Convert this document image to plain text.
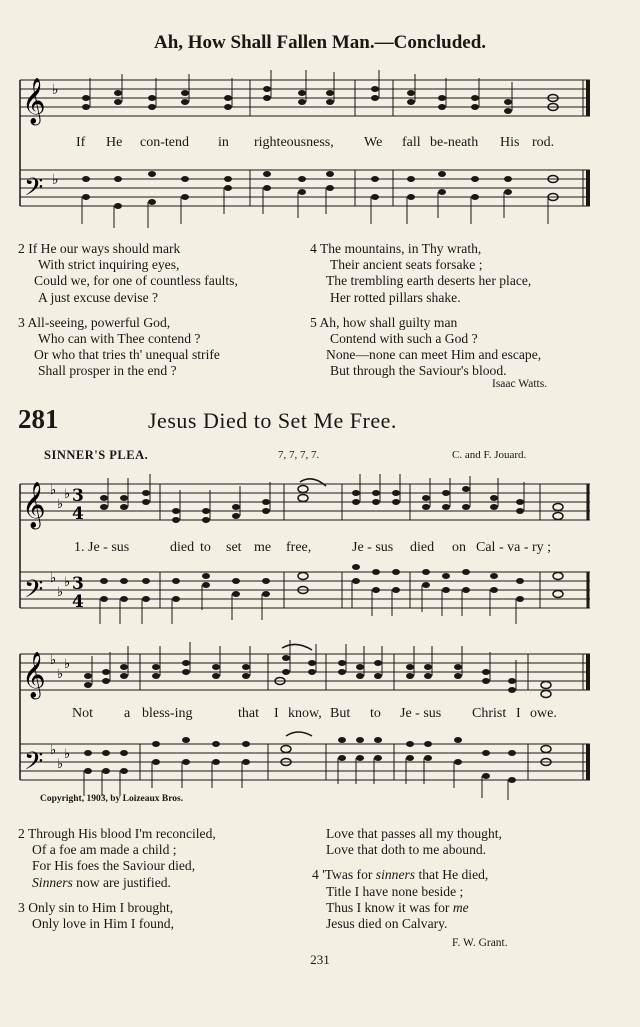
Ah, How Shall Fallen Man.—Concluded.
𝄞
𝄢
♭
♭
If He con-tend in righteousness, We fall be-neath His rod.
2 If He our ways should mark
With strict inquiring eyes,
Could we, for one of countless faults,
A just excuse devise ?
3 All-seeing, powerful God,
Who can with Thee contend ?
Or who that tries th' unequal strife
Shall prosper in the end ?
4 The mountains, in Thy wrath,
Their ancient seats forsake ;
The trembling earth deserts her place,
Her rotted pillars shake.
5 Ah, how shall guilty man
Contend with such a God ?
None—none can meet Him and escape,
But through the Saviour's blood.
Isaac Watts.
281	Jesus Died to Set Me Free.
SINNER'S PLEA.	7, 7, 7, 7.	C. and F. Jouard.
𝄞
𝄢
♭
♭
♭
♭
♭
♭
3
4
3
4
1. Je - sus	died to set me free,	Je - sus died on Cal - va - ry ;
𝄞
𝄢
♭
♭
♭
♭
♭
♭
Not a bless-ing	that I know, But to Je - sus Christ I owe.
Copyright, 1903, by Loizeaux Bros.
2 Through His blood I'm reconciled,
Of a foe am made a child ;
For His foes the Saviour died,
Sinners now are justified.
3 Only sin to Him I brought,
Only love in Him I found,
Love that passes all my thought,
Love that doth to me abound.
4 'Twas for sinners that He died,
Title I have none beside ;
Thus I know it was for me
Jesus died on Calvary.
F. W. Grant.
231
